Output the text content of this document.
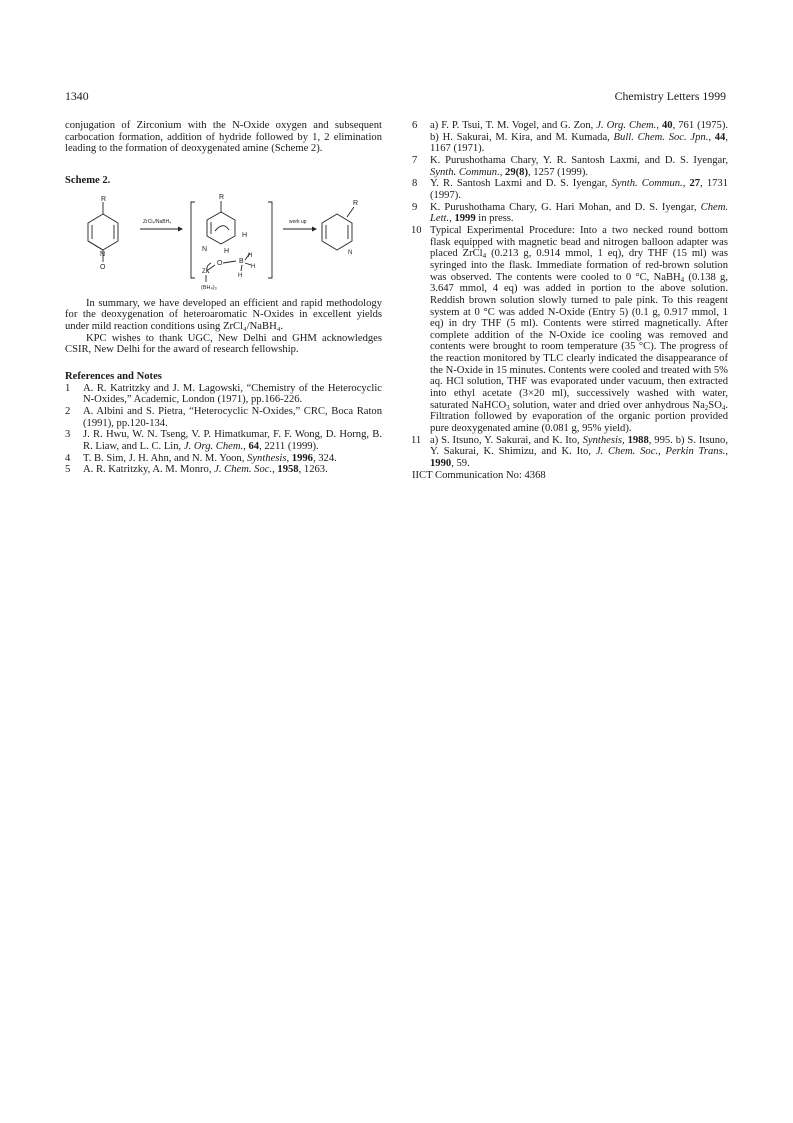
1340	Chemistry Letters 1999

conjugation of Zirconium with the N-Oxide oxygen and subsequent carbocation formation, addition of hydride followed by 1, 2 elimination leading to the formation of deoxygenated amine (Scheme 2).

Scheme 2.
R
N
O
ZrCl₄/NaBH₄
R
H
N H
O B
H
H
H
Zr
(BH₄)₃
work up
R
N

In summary, we have developed an efficient and rapid methodology for the deoxygenation of heteroaromatic N-Oxides in excellent yields under mild reaction conditions using ZrCl₄/NaBH₄.

KPC wishes to thank UGC, New Delhi and GHM acknowledges CSIR, New Delhi for the award of research fellowship.

References and Notes
1 A. R. Katritzky and J. M. Lagowski, “Chemistry of the Heterocyclic N-Oxides,” Academic, London (1971), pp.166-226.
2 A. Albini and S. Pietra, “Heterocyclic N-Oxides,” CRC, Boca Raton (1991), pp.120-134.
3 J. R. Hwu, W. N. Tseng, V. P. Himatkumar, F. F. Wong, D. Horng, B. R. Liaw, and L. C. Lin, J. Org. Chem., 64, 2211 (1999).
4 T. B. Sim, J. H. Ahn, and N. M. Yoon, Synthesis, 1996, 324.
5 A. R. Katritzky, A. M. Monro, J. Chem. Soc., 1958, 1263.
6 a) F. P. Tsui, T. M. Vogel, and G. Zon, J. Org. Chem., 40, 761 (1975). b) H. Sakurai, M. Kira, and M. Kumada, Bull. Chem. Soc. Jpn., 44, 1167 (1971).
7 K. Purushothama Chary, Y. R. Santosh Laxmi, and D. S. Iyengar, Synth. Commun., 29(8), 1257 (1999).
8 Y. R. Santosh Laxmi and D. S. Iyengar, Synth. Commun., 27, 1731 (1997).
9 K. Purushothama Chary, G. Hari Mohan, and D. S. Iyengar, Chem. Lett., 1999 in press.
10 Typical Experimental Procedure: Into a two necked round bottom flask equipped with magnetic bead and nitrogen balloon adapter was placed ZrCl$_4$ (0.213 g, 0.914 mmol, 1 eq), dry THF (15 ml) was syringed into the flask. Immediate formation of red-brown solution was observed. The contents were cooled to 0 °C, NaBH$_4$ (0.138 g, 3.647 mmol, 4 eq) was added in portion to the above solution. Reddish brown solution slowly turned to pale pink. To this reagent system at 0 °C was added N-Oxide (Entry 5) (0.1 g, 0.917 mmol, 1 eq) in dry THF (5 ml). Contents were stirred magnetically. After complete addition of the N-Oxide ice cooling was removed and contents were brought to room temperature (35 °C). The progress of the reaction monitored by TLC clearly indicated the disappearance of the N-Oxide in 15 minutes. Contents were cooled and treated with 5% aq. HCl solution, THF was evaporated under vacuum, then extracted into ethyl acetate (3×20 ml), successively washed with water, saturated NaHCO$_3$ solution, water and dried over anhydrous $Na_2SO_4$. Filtration followed by evaporation of the organic portion provided pure deoxygenated amine (0.081 g, 95% yield).
11 a) S. Itsuno, Y. Sakurai, and K. Ito, Synthesis, 1988, 995. b) S. Itsuno, Y. Sakurai, K. Shimizu, and K. Ito, J. Chem. Soc., Perkin Trans., 1990, 59.
IICT Communication No: 4368
